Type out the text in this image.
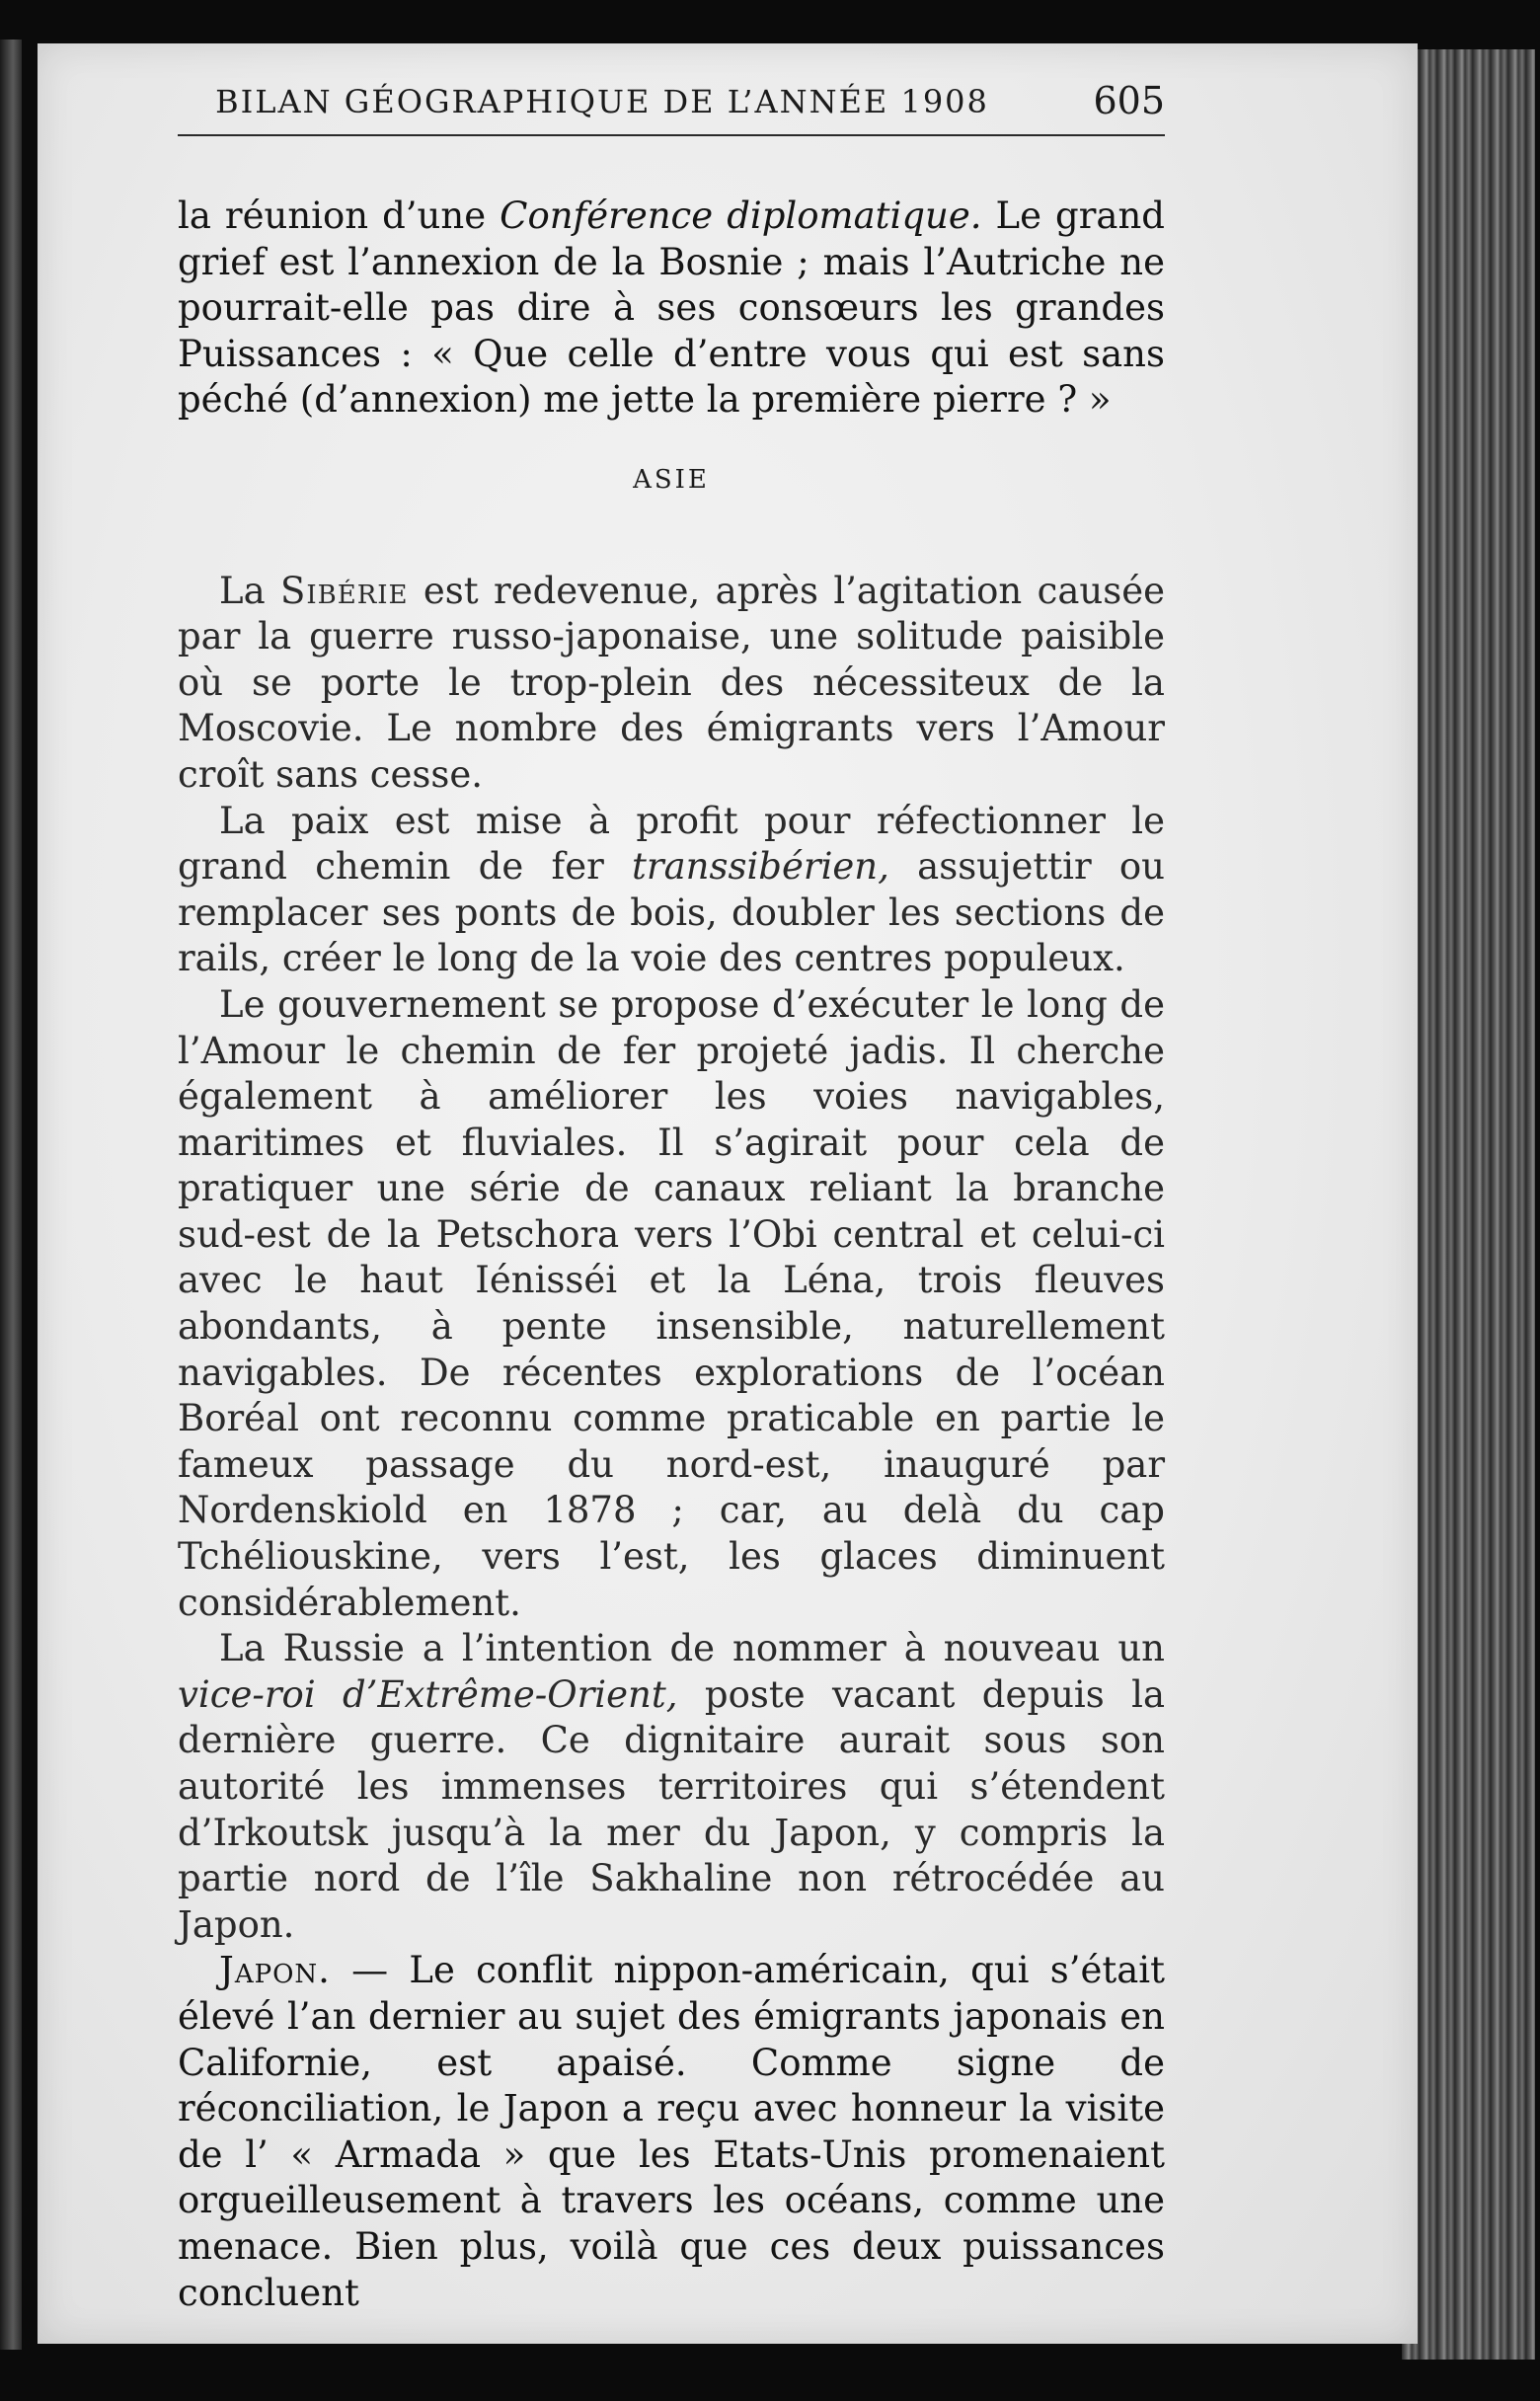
BILAN GÉOGRAPHIQUE DE L’ANNÉE 1908	605

la réunion d’une Conférence diplomatique. Le grand grief est l’annexion de la Bosnie ; mais l’Autriche ne pourrait-elle pas dire à ses consœurs les grandes Puissances : « Que celle d’entre vous qui est sans péché (d’annexion) me jette la première pierre ? »

ASIE

La Sibérie est redevenue, après l’agitation causée par la guerre russo-japonaise, une solitude paisible où se porte le trop-plein des nécessiteux de la Moscovie. Le nombre des émigrants vers l’Amour croît sans cesse.

La paix est mise à profit pour réfectionner le grand chemin de fer transsibérien, assujettir ou remplacer ses ponts de bois, doubler les sections de rails, créer le long de la voie des centres populeux.

Le gouvernement se propose d’exécuter le long de l’Amour le chemin de fer projeté jadis. Il cherche également à améliorer les voies navigables, maritimes et fluviales. Il s’agirait pour cela de pratiquer une série de canaux reliant la branche sud-est de la Petschora vers l’Obi central et celui-ci avec le haut Iénisséi et la Léna, trois fleuves abondants, à pente insensible, naturellement navigables. De récentes explorations de l’océan Boréal ont reconnu comme praticable en partie le fameux passage du nord-est, inauguré par Nordenskiold en 1878 ; car, au delà du cap Tchéliouskine, vers l’est, les glaces diminuent considérablement.

La Russie a l’intention de nommer à nouveau un vice-roi d’Extrême-Orient, poste vacant depuis la dernière guerre. Ce dignitaire aurait sous son autorité les immenses territoires qui s’étendent d’Irkoutsk jusqu’à la mer du Japon, y compris la partie nord de l’île Sakhaline non rétrocédée au Japon.

Japon. — Le conflit nippon-américain, qui s’était élevé l’an dernier au sujet des émigrants japonais en Californie, est apaisé. Comme signe de réconciliation, le Japon a reçu avec honneur la visite de l’ « Armada » que les Etats-Unis promenaient orgueilleusement à travers les océans, comme une menace. Bien plus, voilà que ces deux puissances concluent
